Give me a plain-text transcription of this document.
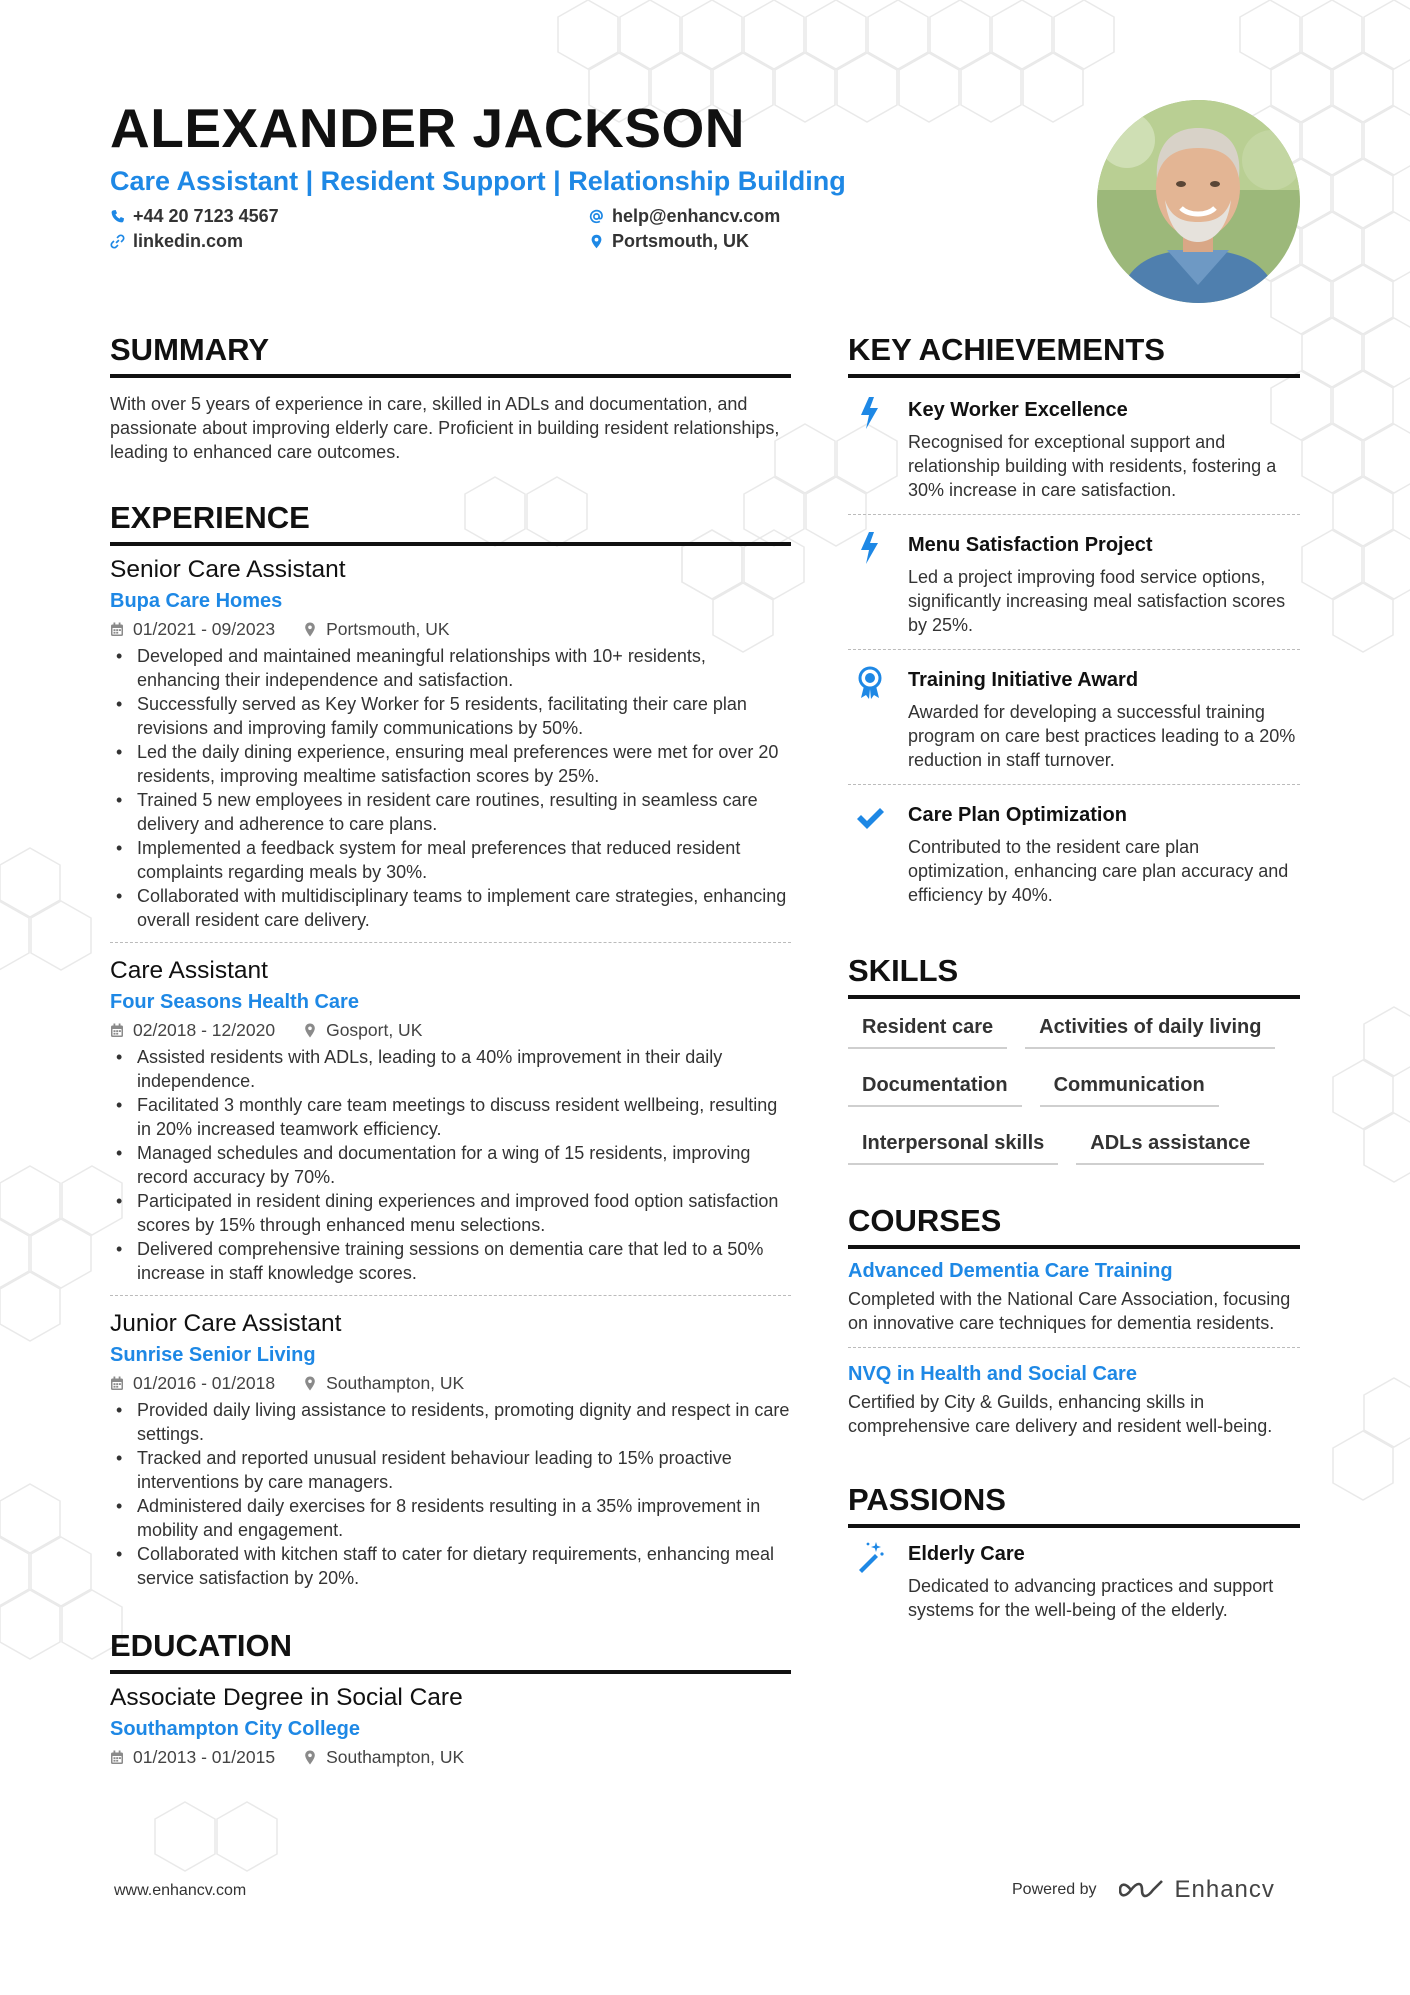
ALEXANDER JACKSON
Care Assistant | Resident Support | Relationship Building
+44 20 7123 4567	help@enhancv.com
linkedin.com	Portsmouth, UK
SUMMARY

With over 5 years of experience in care, skilled in ADLs and documentation, and passionate about improving elderly care. Proficient in building resident relationships, leading to enhanced care outcomes.

EXPERIENCE
Senior Care Assistant
Bupa Care Homes
01/2021 - 09/2023	Portsmouth, UK
• Developed and maintained meaningful relationships with 10+ residents, enhancing their independence and satisfaction.
• Successfully served as Key Worker for 5 residents, facilitating their care plan revisions and improving family communications by 50%.
• Led the daily dining experience, ensuring meal preferences were met for over 20 residents, improving mealtime satisfaction scores by 25%.
• Trained 5 new employees in resident care routines, resulting in seamless care delivery and adherence to care plans.
• Implemented a feedback system for meal preferences that reduced resident complaints regarding meals by 30%.
• Collaborated with multidisciplinary teams to implement care strategies, enhancing overall resident care delivery.
Care Assistant
Four Seasons Health Care
02/2018 - 12/2020	Gosport, UK
• Assisted residents with ADLs, leading to a 40% improvement in their daily independence.
• Facilitated 3 monthly care team meetings to discuss resident wellbeing, resulting in 20% increased teamwork efficiency.
• Managed schedules and documentation for a wing of 15 residents, improving record accuracy by 70%.
• Participated in resident dining experiences and improved food option satisfaction scores by 15% through enhanced menu selections.
• Delivered comprehensive training sessions on dementia care that led to a 50% increase in staff knowledge scores.
Junior Care Assistant
Sunrise Senior Living
01/2016 - 01/2018	Southampton, UK
• Provided daily living assistance to residents, promoting dignity and respect in care settings.
• Tracked and reported unusual resident behaviour leading to 15% proactive interventions by care managers.
• Administered daily exercises for 8 residents resulting in a 35% improvement in mobility and engagement.
• Collaborated with kitchen staff to cater for dietary requirements, enhancing meal service satisfaction by 20%.
EDUCATION
Associate Degree in Social Care
Southampton City College
01/2013 - 01/2015	Southampton, UK
KEY ACHIEVEMENTS
Key Worker Excellence
Recognised for exceptional support and relationship building with residents, fostering a 30% increase in care satisfaction.
Menu Satisfaction Project
Led a project improving food service options, significantly increasing meal satisfaction scores by 25%.
Training Initiative Award
Awarded for developing a successful training program on care best practices leading to a 20% reduction in staff turnover.
Care Plan Optimization
Contributed to the resident care plan optimization, enhancing care plan accuracy and efficiency by 40%.
SKILLS
Resident care	Activities of daily living
Documentation	Communication
Interpersonal skills	ADLs assistance
COURSES
Advanced Dementia Care Training
Completed with the National Care Association, focusing on innovative care techniques for dementia residents.
NVQ in Health and Social Care
Certified by City & Guilds, enhancing skills in comprehensive care delivery and resident well-being.
PASSIONS
Elderly Care
Dedicated to advancing practices and support systems for the well-being of the elderly.
www.enhancv.com	Powered by	Enhancv
